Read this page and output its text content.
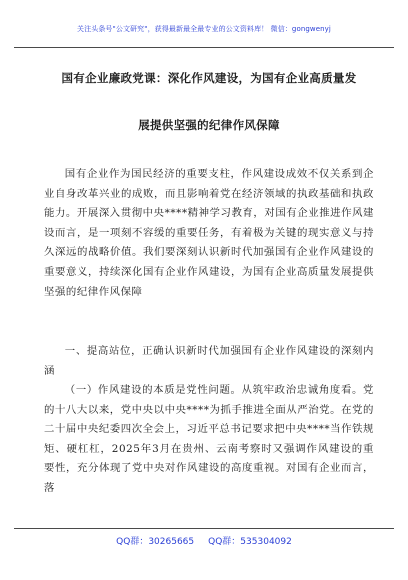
关注头条号"公文研究"，获得最新最全最专业的公文资料库！ 微信：gongwenyj
国有企业廉政党课：深化作风建设，为国有企业高质量发
展提供坚强的纪律作风保障

国有企业作为国民经济的重要支柱，作风建设成效不仅关系到企业自身改革兴业的成败，而且影响着党在经济领域的执政基础和执政能力。开展深入贯彻中央****精神学习教育，对国有企业推进作风建设而言，是一项刻不容缓的重要任务，有着极为关键的现实意义与持久深远的战略价值。我们要深刻认识新时代加强国有企业作风建设的重要意义，持续深化国有企业作风建设，为国有企业高质量发展提供坚强的纪律作风保障

一、提高站位，正确认识新时代加强国有企业作风建设的深刻内涵

（一）作风建设的本质是党性问题。从筑牢政治忠诚角度看。党的十八大以来，党中央以中央****为抓手推进全面从严治党。在党的二十届中央纪委四次全会上，习近平总书记要求把中央****当作铁规矩、硬杠杠，2025年3月在贵州、云南考察时又强调作风建设的重要性，充分体现了党中央对作风建设的高度重视。对国有企业而言，落

QQ群：30265665 QQ群：535304092
